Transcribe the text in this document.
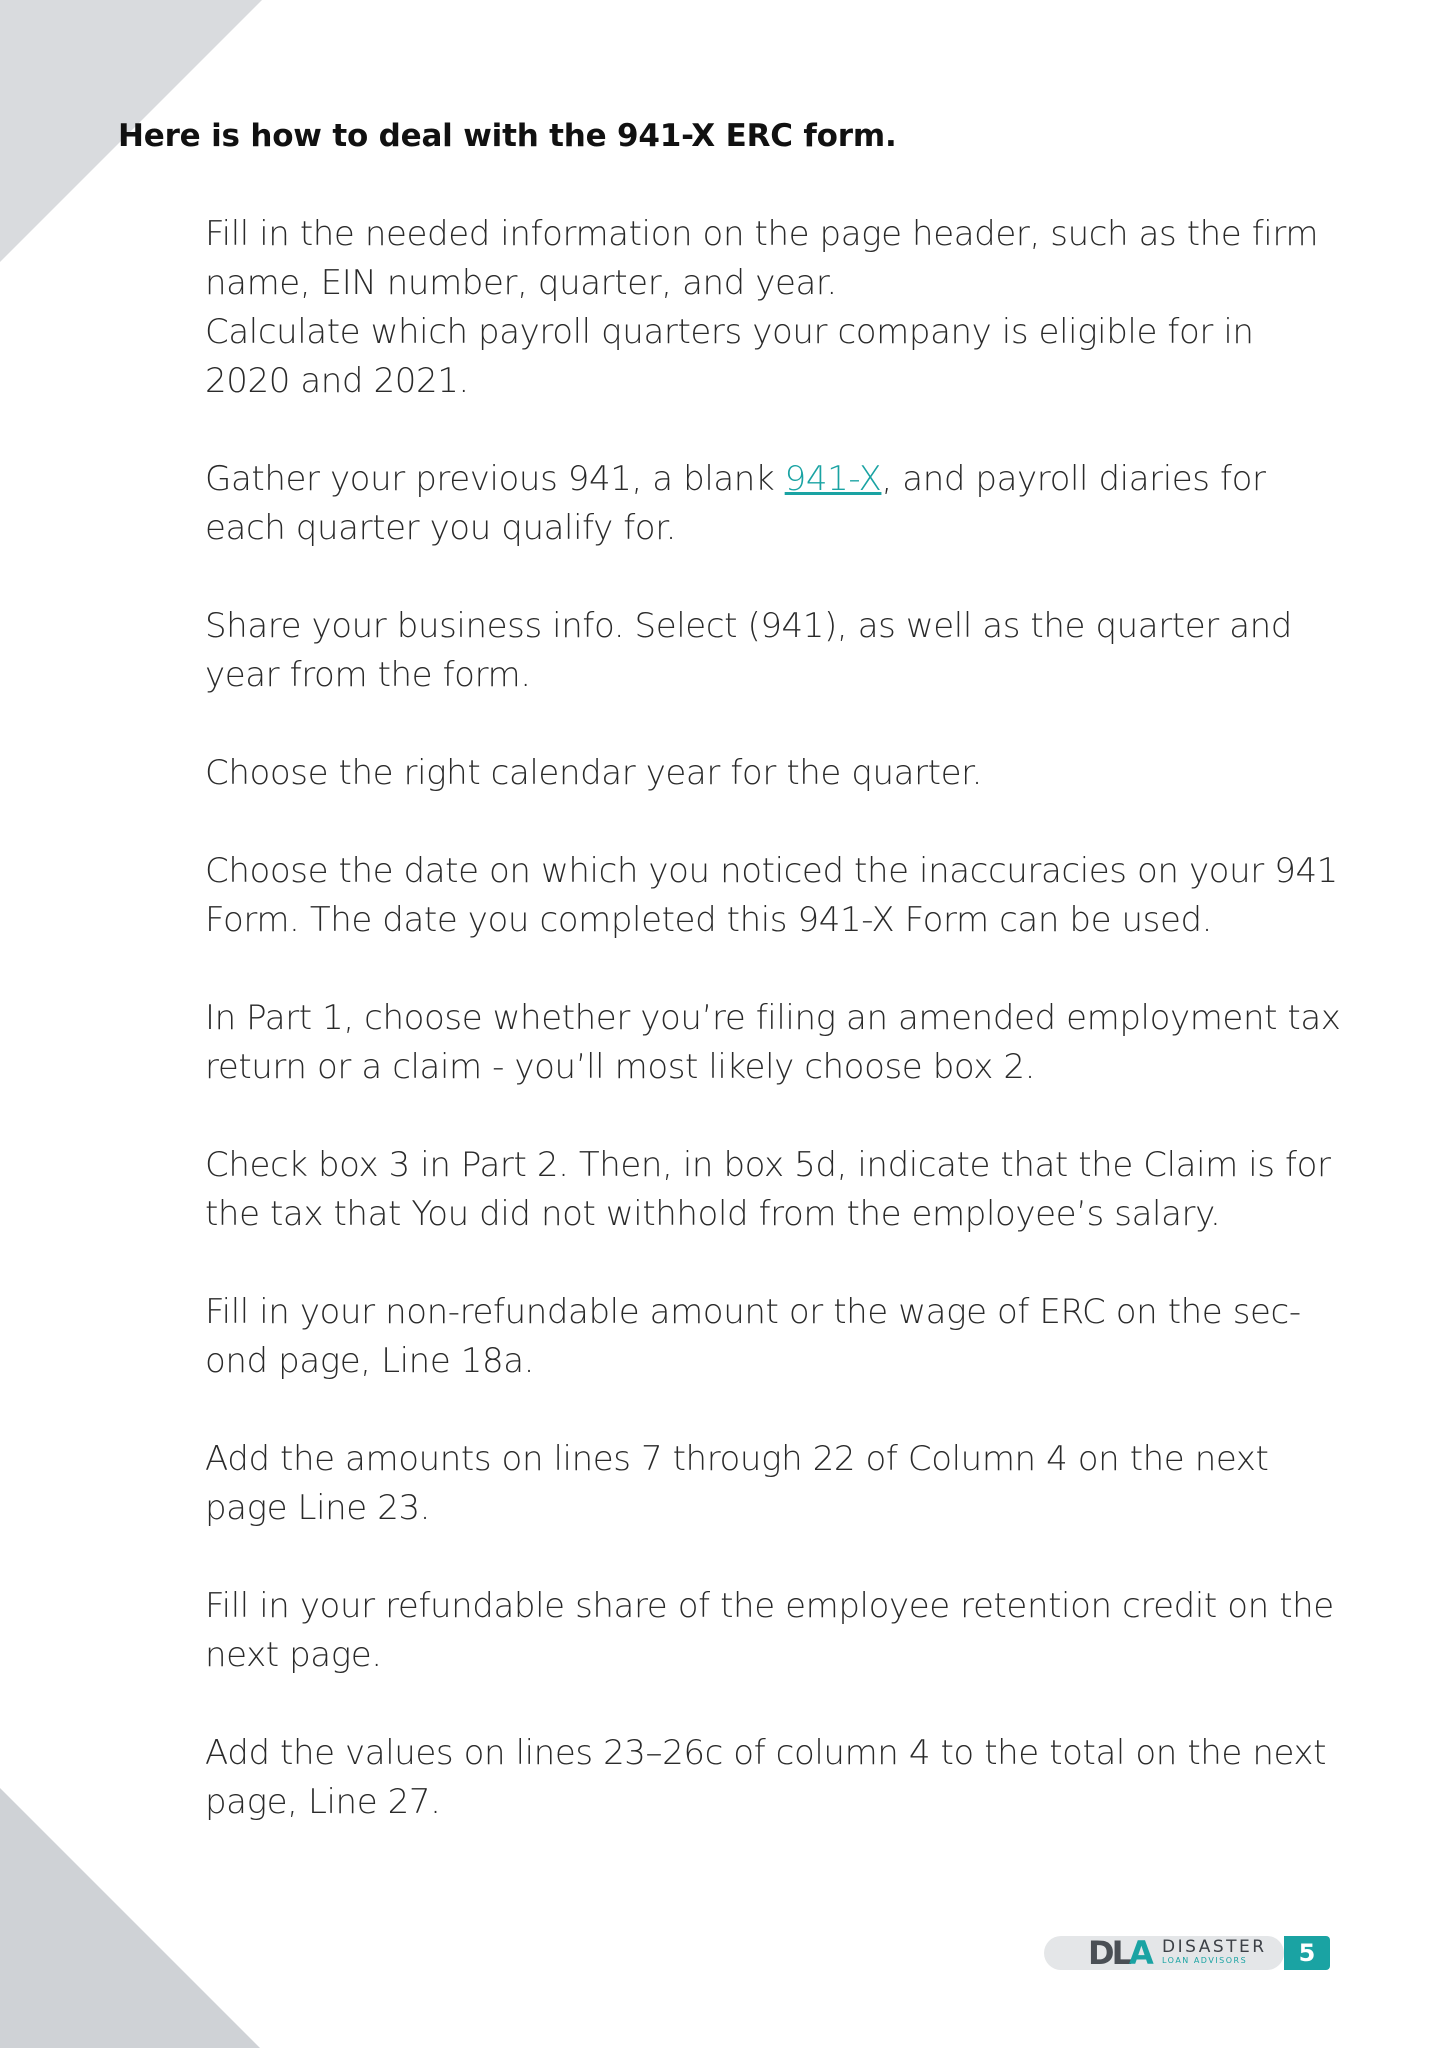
Here is how to deal with the 941-X ERC form.

Fill in the needed information on the page header, such as the firm name, EIN number, quarter, and year.

Calculate which payroll quarters your company is eligible for in 2020 and 2021.

Gather your previous 941, a blank 941-X, and payroll diaries for each quarter you qualify for.

Share your business info. Select (941), as well as the quarter and year from the form.

Choose the right calendar year for the quarter.

Choose the date on which you noticed the inaccuracies on your 941 Form. The date you completed this 941-X Form can be used.

In Part 1, choose whether you’re filing an amended employment tax return or a claim - you’ll most likely choose box 2.

Check box 3 in Part 2. Then, in box 5d, indicate that the Claim is for the tax that You did not withhold from the employee’s salary.

Fill in your non-refundable amount or the wage of ERC on the sec-ond page, Line 18a.

Add the amounts on lines 7 through 22 of Column 4 on the next page Line 23.

Fill in your refundable share of the employee retention credit on the next page.

Add the values on lines 23–26c of column 4 to the total on the next page, Line 27.

DLA DISASTER
LOAN ADVISORS	5
